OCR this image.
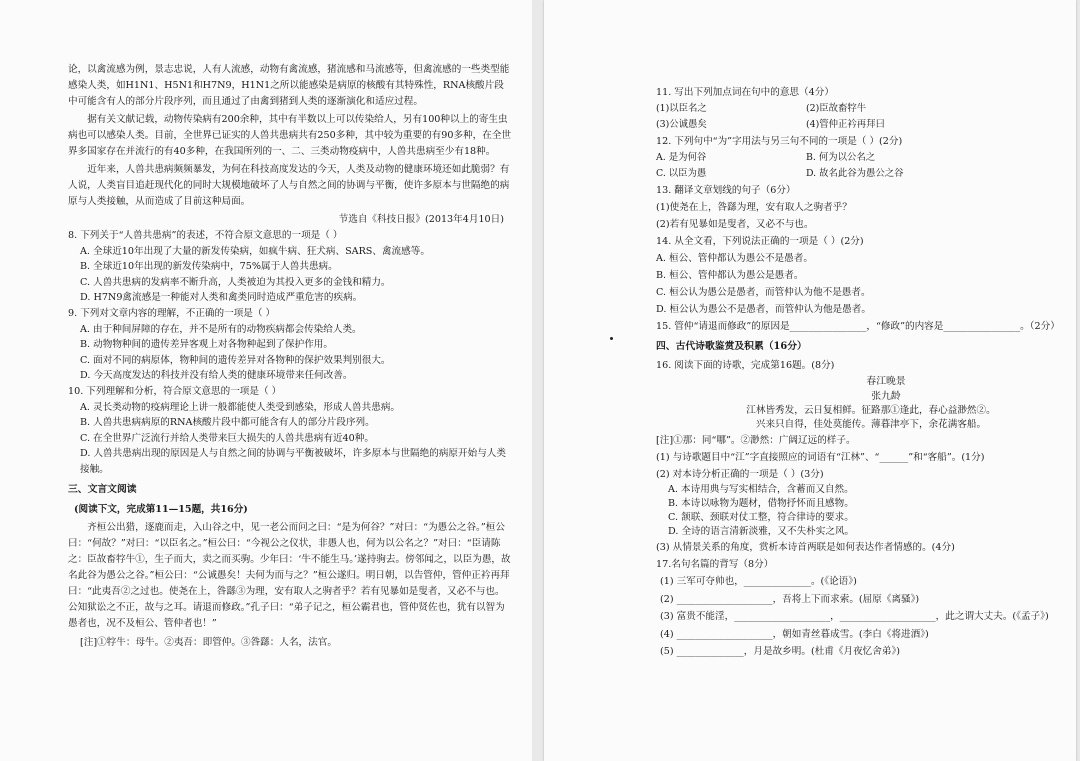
论，以禽流感为例，景志忠说，人有人流感，动物有禽流感，猪流感和马流感等，但禽流感的一些类型能感染人类，如H1N1、H5N1和H7N9，H1N1之所以能感染是病原的核酸有其特殊性，RNA核酸片段中可能含有人的部分片段序列，而且通过了由禽到猪到人类的逐渐演化和适应过程。

据有关文献记载，动物传染病有200余种，其中有半数以上可以传染给人，另有100种以上的寄生虫病也可以感染人类。目前，全世界已证实的人兽共患病共有250多种，其中较为重要的有90多种，在全世界多国家存在并流行的有40多种，在我国所列的一、二、三类动物疫病中，人兽共患病至少有18种。

近年来，人兽共患病频频暴发，为何在科技高度发达的今天，人类及动物的健康环境还如此脆弱？有人说，人类盲目追赶现代化的同时大规模地破坏了人与自然之间的协调与平衡，使许多原本与世隔绝的病原与人类接触，从而造成了目前这种局面。

节选自《科技日报》(2013年4月10日)

8. 下列关于“人兽共患病”的表述，不符合原文意思的一项是（ ）

A. 全球近10年出现了大量的新发传染病，如疯牛病、狂犬病、SARS、禽流感等。

B. 全球近10年出现的新发传染病中，75%属于人兽共患病。

C. 人兽共患病的发病率不断升高，人类被迫为其投入更多的金钱和精力。

D. H7N9禽流感是一种能对人类和禽类同时造成严重危害的疾病。

9. 下列对文章内容的理解，不正确的一项是（ ）

A. 由于种间屏障的存在，并不是所有的动物疾病都会传染给人类。

B. 动物物种间的遗传差异客观上对各物种起到了保护作用。

C. 面对不同的病原体，物种间的遗传差异对各物种的保护效果判别很大。

D. 今天高度发达的科技并没有给人类的健康环境带来任何改善。

10. 下列理解和分析，符合原文意思的一项是（ ）

A. 灵长类动物的疫病理论上讲一般都能使人类受到感染，形成人兽共患病。

B. 人兽共患病病原的RNA核酸片段中都可能含有人的部分片段序列。

C. 在全世界广泛流行并给人类带来巨大损失的人兽共患病有近40种。

D. 人兽共患病出现的原因是人与自然之间的协调与平衡被破坏，许多原本与世隔绝的病原开始与人类接触。

三、文言文阅读

(阅读下文，完成第11—15题，共16分)

齐桓公出猎，逐鹿而走，入山谷之中，见一老公而问之曰：“是为何谷？”对曰：“为愚公之谷。”桓公曰：“何故？”对曰：“以臣名之。”桓公曰：“今视公之仪状，非愚人也，何为以公名之？”对曰：“臣请陈之：臣故畜牸牛①，生子而大，卖之而买驹。少年曰：‘牛不能生马。’遂持驹去。傍邻闻之，以臣为愚，故名此谷为愚公之谷。”桓公曰：“公诚愚矣！夫何为而与之？”桓公遂归。明日朝，以告管仲，管仲正衿再拜曰：“此夷吾②之过也。使尧在上，咎繇③为理，安有取人之驹者乎？若有见暴如是叟者，又必不与也。公知狱讼之不正，故与之耳。请退而修政。”孔子曰：“弟子记之，桓公霸君也，管仲贤佐也，犹有以智为愚者也，况不及桓公、管仲者也！”

[注]①牸牛：母牛。②夷吾：即管仲。③咎繇：人名，法官。

11. 写出下列加点词在句中的意思（4分）

(1)以臣名之	(2)臣故畜牸牛
(3)公诚愚矣	(4)管仲正衿再拜曰

12. 下列句中“为”字用法与另三句不同的一项是（ ）(2分)

A. 是为何谷	B. 何为以公名之
C. 以臣为愚	D. 故名此谷为愚公之谷

13. 翻译文章划线的句子（6分）

(1)使尧在上，咎繇为理，安有取人之驹者乎？

(2)若有见暴如是叟者，又必不与也。

14. 从全文看，下列说法正确的一项是（ ）(2分)

A. 桓公、管仲都认为愚公不是愚者。

B. 桓公、管仲都认为愚公是愚者。

C. 桓公认为愚公是愚者，而管仲认为他不是愚者。

D. 桓公认为愚公不是愚者，而管仲认为他是愚者。

15. 管仲“请退而修政”的原因是________________，“修政”的内容是________________。（2分）

四、古代诗歌鉴赏及积累（16分）

16. 阅读下面的诗歌，完成第16题。(8分)

春江晚景

张九龄

江林皆秀发，云日复相鲜。征路那①逢此，春心益渺然②。

兴来只自得，佳处莫能传。薄暮津亭下，余花满客船。

[注]①那：同“哪”。②渺然：广阔辽远的样子。

(1) 与诗歌题目中“江”字直接照应的词语有“江林”、“______”和“客船”。(1分)

(2) 对本诗分析正确的一项是（ ）(3分)

A. 本诗用典与写实相结合，含蓄而又自然。

B. 本诗以咏物为题材，借物抒怀而且感物。

C. 颔联、颈联对仗工整，符合律诗的要求。

D. 全诗的语言清新淡雅，又不失朴实之风。

(3) 从情景关系的角度，赏析本诗首两联是如何表达作者情感的。(4分)

17.名句名篇的背写（8分）

(1) 三军可夺帅也，______________。(《论语》)

(2) ____________________，吾将上下而求索。(屈原《离骚》)

(3) 富贵不能淫，____________________，____________________，此之谓大丈夫。(《孟子》)

(4) ____________________，朝如青丝暮成雪。(李白《将进酒》)

(5) ______________，月是故乡明。(杜甫《月夜忆舍弟》)
